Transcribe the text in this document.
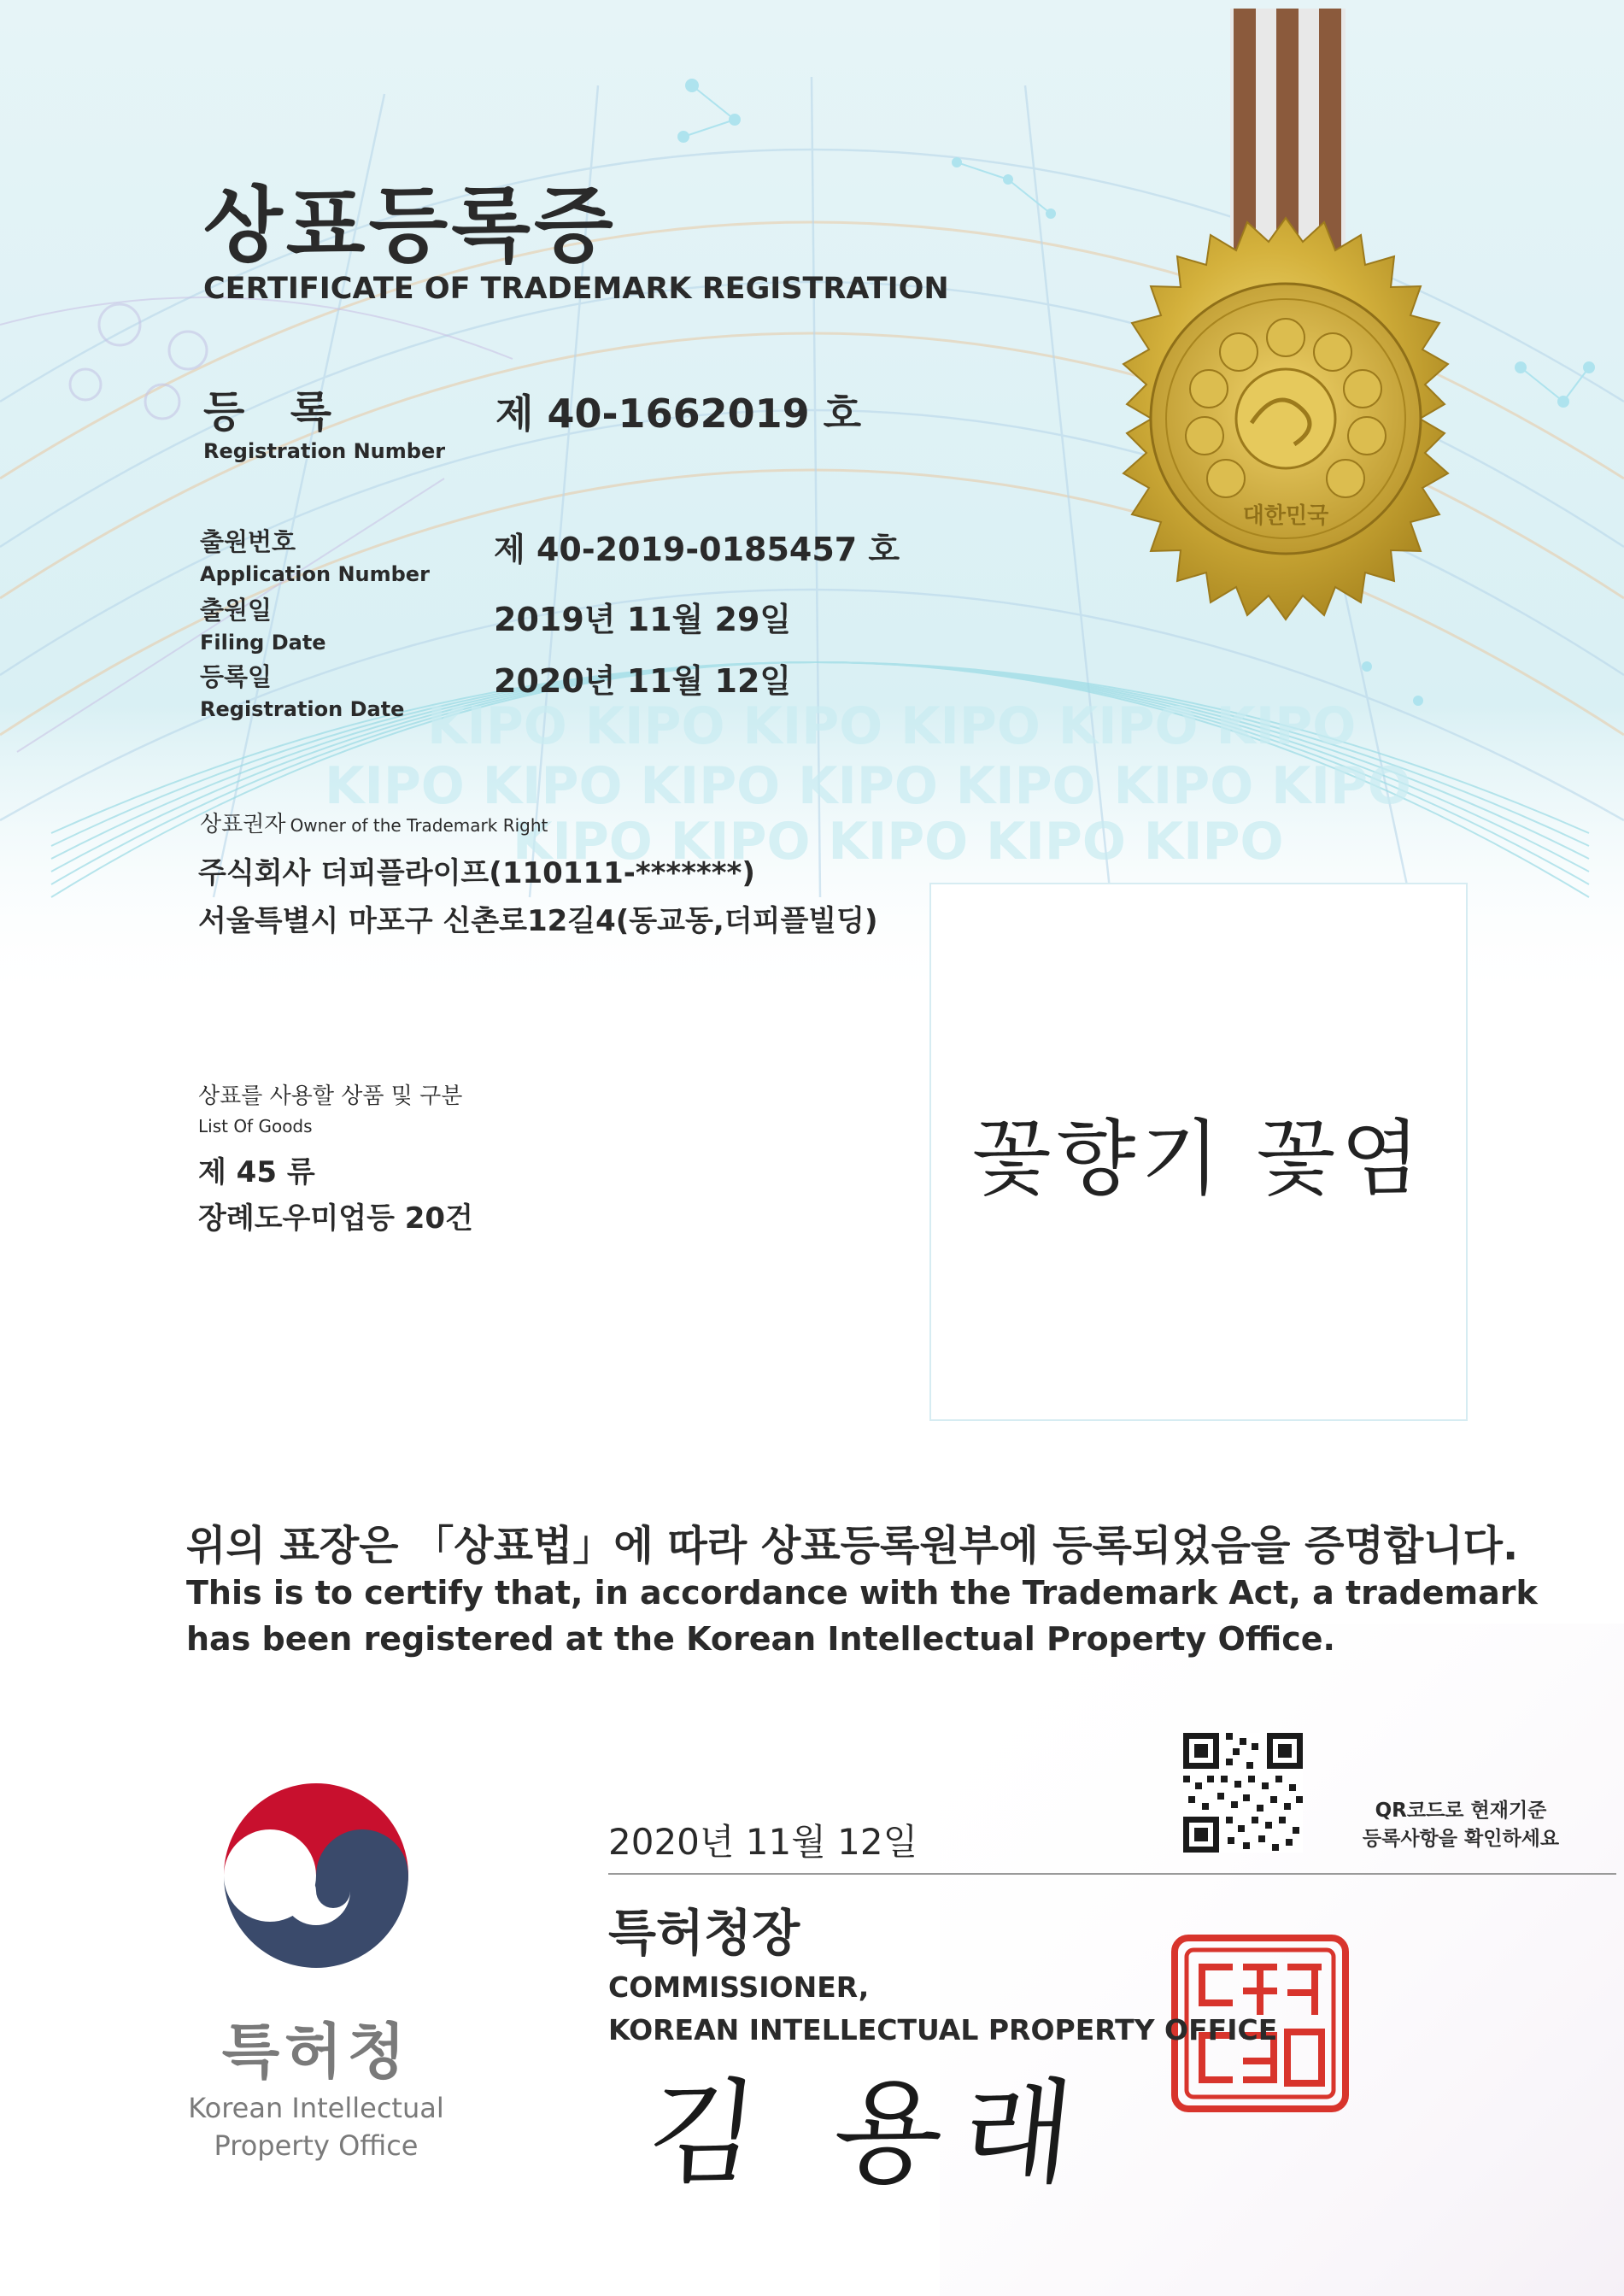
KIPO KIPO KIPO KIPO KIPO KIPO
KIPO KIPO KIPO KIPO KIPO KIPO KIPO
KIPO KIPO KIPO KIPO KIPO
대한민국
상표등록증
CERTIFICATE OF TRADEMARK REGISTRATION
등 록
Registration Number
제 40-1662019 호
출원번호
Application Number
제 40-2019-0185457 호
출원일
Filing Date
2019년 11월 29일
등록일
Registration Date
2020년 11월 12일
상표권자 Owner of the Trademark Right
주식회사 더피플라이프(110111-*******)
서울특별시 마포구 신촌로12길4(동교동,더피플빌딩)
상표를 사용할 상품 및 구분
List Of Goods
제 45 류
장례도우미업등 20건
꽃향기 꽃염
위의 표장은 「상표법」에 따라 상표등록원부에 등록되었음을 증명합니다.
This is to certify that, in accordance with the Trademark Act, a trademark
has been registered at the Korean Intellectual Property Office.
QR코드로 현재기준
등록사항을 확인하세요
2020년 11월 12일
특허청장
COMMISSIONER,
KOREAN INTELLECTUAL PROPERTY OFFICE
김 용래
특허청
Korean Intellectual
Property Office
